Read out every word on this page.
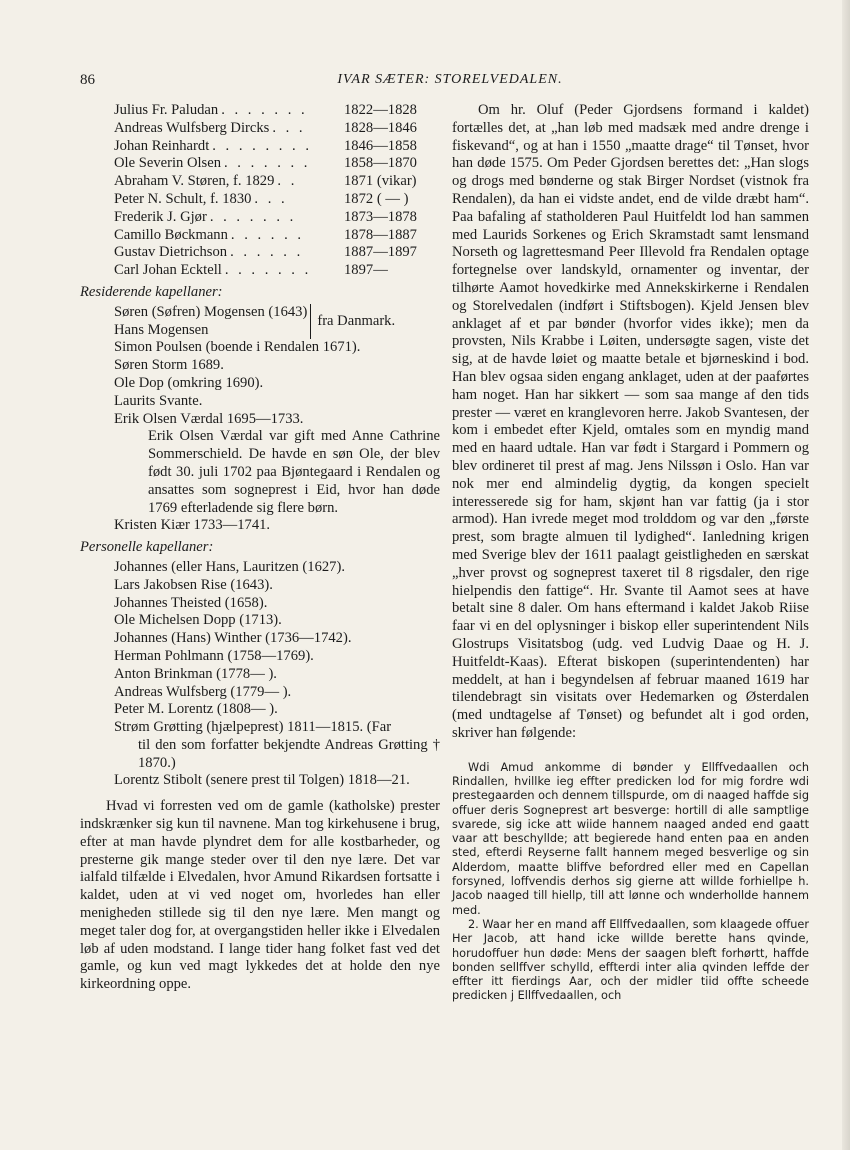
86	IVAR SÆTER: STORELVEDALEN.
Julius Fr. Paludan . . . . . . .	1822—1828
Andreas Wulfsberg Dircks . . .	1828—1846
Johan Reinhardt . . . . . . . .	1846—1858
Ole Severin Olsen . . . . . . .	1858—1870
Abraham V. Støren, f. 1829 . .	1871 (vikar)
Peter N. Schult, f. 1830 . . .	1872 ( — )
Frederik J. Gjør . . . . . . .	1873—1878
Camillo Bøckmann . . . . . .	1878—1887
Gustav Dietrichson . . . . . .	1887—1897
Carl Johan Ecktell . . . . . . .	1897—
Residerende kapellaner:
Søren (Søfren) Mogensen (1643)
Hans Mogensen
fra Danmark.
Simon Poulsen (boende i Rendalen 1671).
Søren Storm 1689.
Ole Dop (omkring 1690).
Laurits Svante.
Erik Olsen Værdal 1695—1733.
Erik Olsen Værdal var gift med Anne Cathrine Sommerschield. De havde en søn Ole, der blev født 30. juli 1702 paa Bjøntegaard i Rendalen og ansattes som sogneprest i Eid, hvor han døde 1769 efterladende sig flere børn.
Kristen Kiær 1733—1741.
Personelle kapellaner:
Johannes (eller Hans, Lauritzen (1627).
Lars Jakobsen Rise (1643).
Johannes Theisted (1658).
Ole Michelsen Dopp (1713).
Johannes (Hans) Winther (1736—1742).
Herman Pohlmann (1758—1769).
Anton Brinkman (1778— ).
Andreas Wulfsberg (1779— ).
Peter M. Lorentz (1808— ).
Strøm Grøtting (hjælpeprest) 1811—1815. (Far
til den som forfatter bekjendte Andreas Grøtting † 1870.)
Lorentz Stibolt (senere prest til Tolgen) 1818—21.

Hvad vi forresten ved om de gamle (katholske) prester indskrænker sig kun til navnene. Man tog kirkehusene i brug, efter at man havde plyndret dem for alle kostbarheder, og presterne gik mange steder over til den nye lære. Det var ialfald tilfælde i Elvedalen, hvor Amund Rikardsen fortsatte i kaldet, uden at vi ved noget om, hvorledes han eller menigheden stillede sig til den nye lære. Men mangt og meget taler dog for, at overgangstiden heller ikke i Elvedalen løb af uden modstand. I lange tider hang folket fast ved det gamle, og kun ved magt lykkedes det at holde den nye kirkeordning oppe.

Om hr. Oluf (Peder Gjordsens formand i kaldet) fortælles det, at „han løb med madsæk med andre drenge i fiskevand“, og at han i 1550 „maatte drage“ til Tønset, hvor han døde 1575. Om Peder Gjordsen berettes det: „Han slogs og drogs med bønderne og stak Birger Nordset (vistnok fra Rendalen), da han ei vidste andet, end de vilde dræbt ham“. Paa bafaling af statholderen Paul Huitfeldt lod han sammen med Laurids Sorkenes og Erich Skramstadt samt lensmand Norseth og lagrettesmand Peer Illevold fra Rendalen optage fortegnelse over landskyld, ornamenter og inventar, der tilhørte Aamot hovedkirke med Annekskirkerne i Rendalen og Storelvedalen (indført i Stiftsbogen). Kjeld Jensen blev anklaget af et par bønder (hvorfor vides ikke); men da provsten, Nils Krabbe i Løiten, undersøgte sagen, viste det sig, at de havde løiet og maatte betale et bjørneskind i bod. Han blev ogsaa siden engang anklaget, uden at der paaførtes ham noget. Han har sikkert — som saa mange af den tids prester — været en kranglevoren herre. Jakob Svantesen, der kom i embedet efter Kjeld, omtales som en myndig mand med en haard udtale. Han var født i Stargard i Pommern og blev ordineret til prest af mag. Jens Nilssøn i Oslo. Han var nok mer end almindelig dygtig, da kongen specielt interesserede sig for ham, skjønt han var fattig (ja i stor armod). Han ivrede meget mod trolddom og var den „første prest, som bragte almuen til lydighed“. Ianledning krigen med Sverige blev der 1611 paalagt geistligheden en særskat „hver provst og sogneprest taxeret til 8 rigsdaler, den rige hielpendis den fattige“. Hr. Svante til Aamot sees at have betalt sine 8 daler. Om hans eftermand i kaldet Jakob Riise faar vi en del oplysninger i biskop eller superintendent Nils Glostrups Visitatsbog (udg. ved Ludvig Daae og H. J. Huitfeldt-Kaas). Efterat biskopen (superintendenten) har meddelt, at han i begyndelsen af februar maaned 1619 har tilendebragt sin visitats over Hedemarken og Østerdalen (med undtagelse af Tønset) og befundet alt i god orden, skriver han følgende:

Wdi Amud ankomme di bønder y Ellffvedaallen och Rindallen, hvillke ieg effter predicken lod for mig fordre wdi prestegaarden och dennem tillspurde, om di naaged haffde sig offuer deris Sogneprest art besverge: hortill di alle samptlige svarede, sig icke att wiide hannem naaged anded end gaatt vaar att beschyllde; att begierede hand enten paa en anden sted, efterdi Reyserne fallt hannem meged besverlige og sin Alderdom, maatte bliffve befordred eller med en Capellan forsyned, loffvendis derhos sig gierne att willde forhiellpe h. Jacob naaged till hiellp, till att lønne och wnderhollde hannem med.

2. Waar her en mand aff Ellffvedaallen, som klaagede offuer Her Jacob, att hand icke willde berette hans qvinde, horudoffuer hun døde: Mens der saagen bleft forhørtt, haffde bonden sellffver schylld, effterdi inter alia qvinden leffde der effter itt fierdings Aar, och der midler tiid offte scheede predicken j Ellffvedaallen, och
